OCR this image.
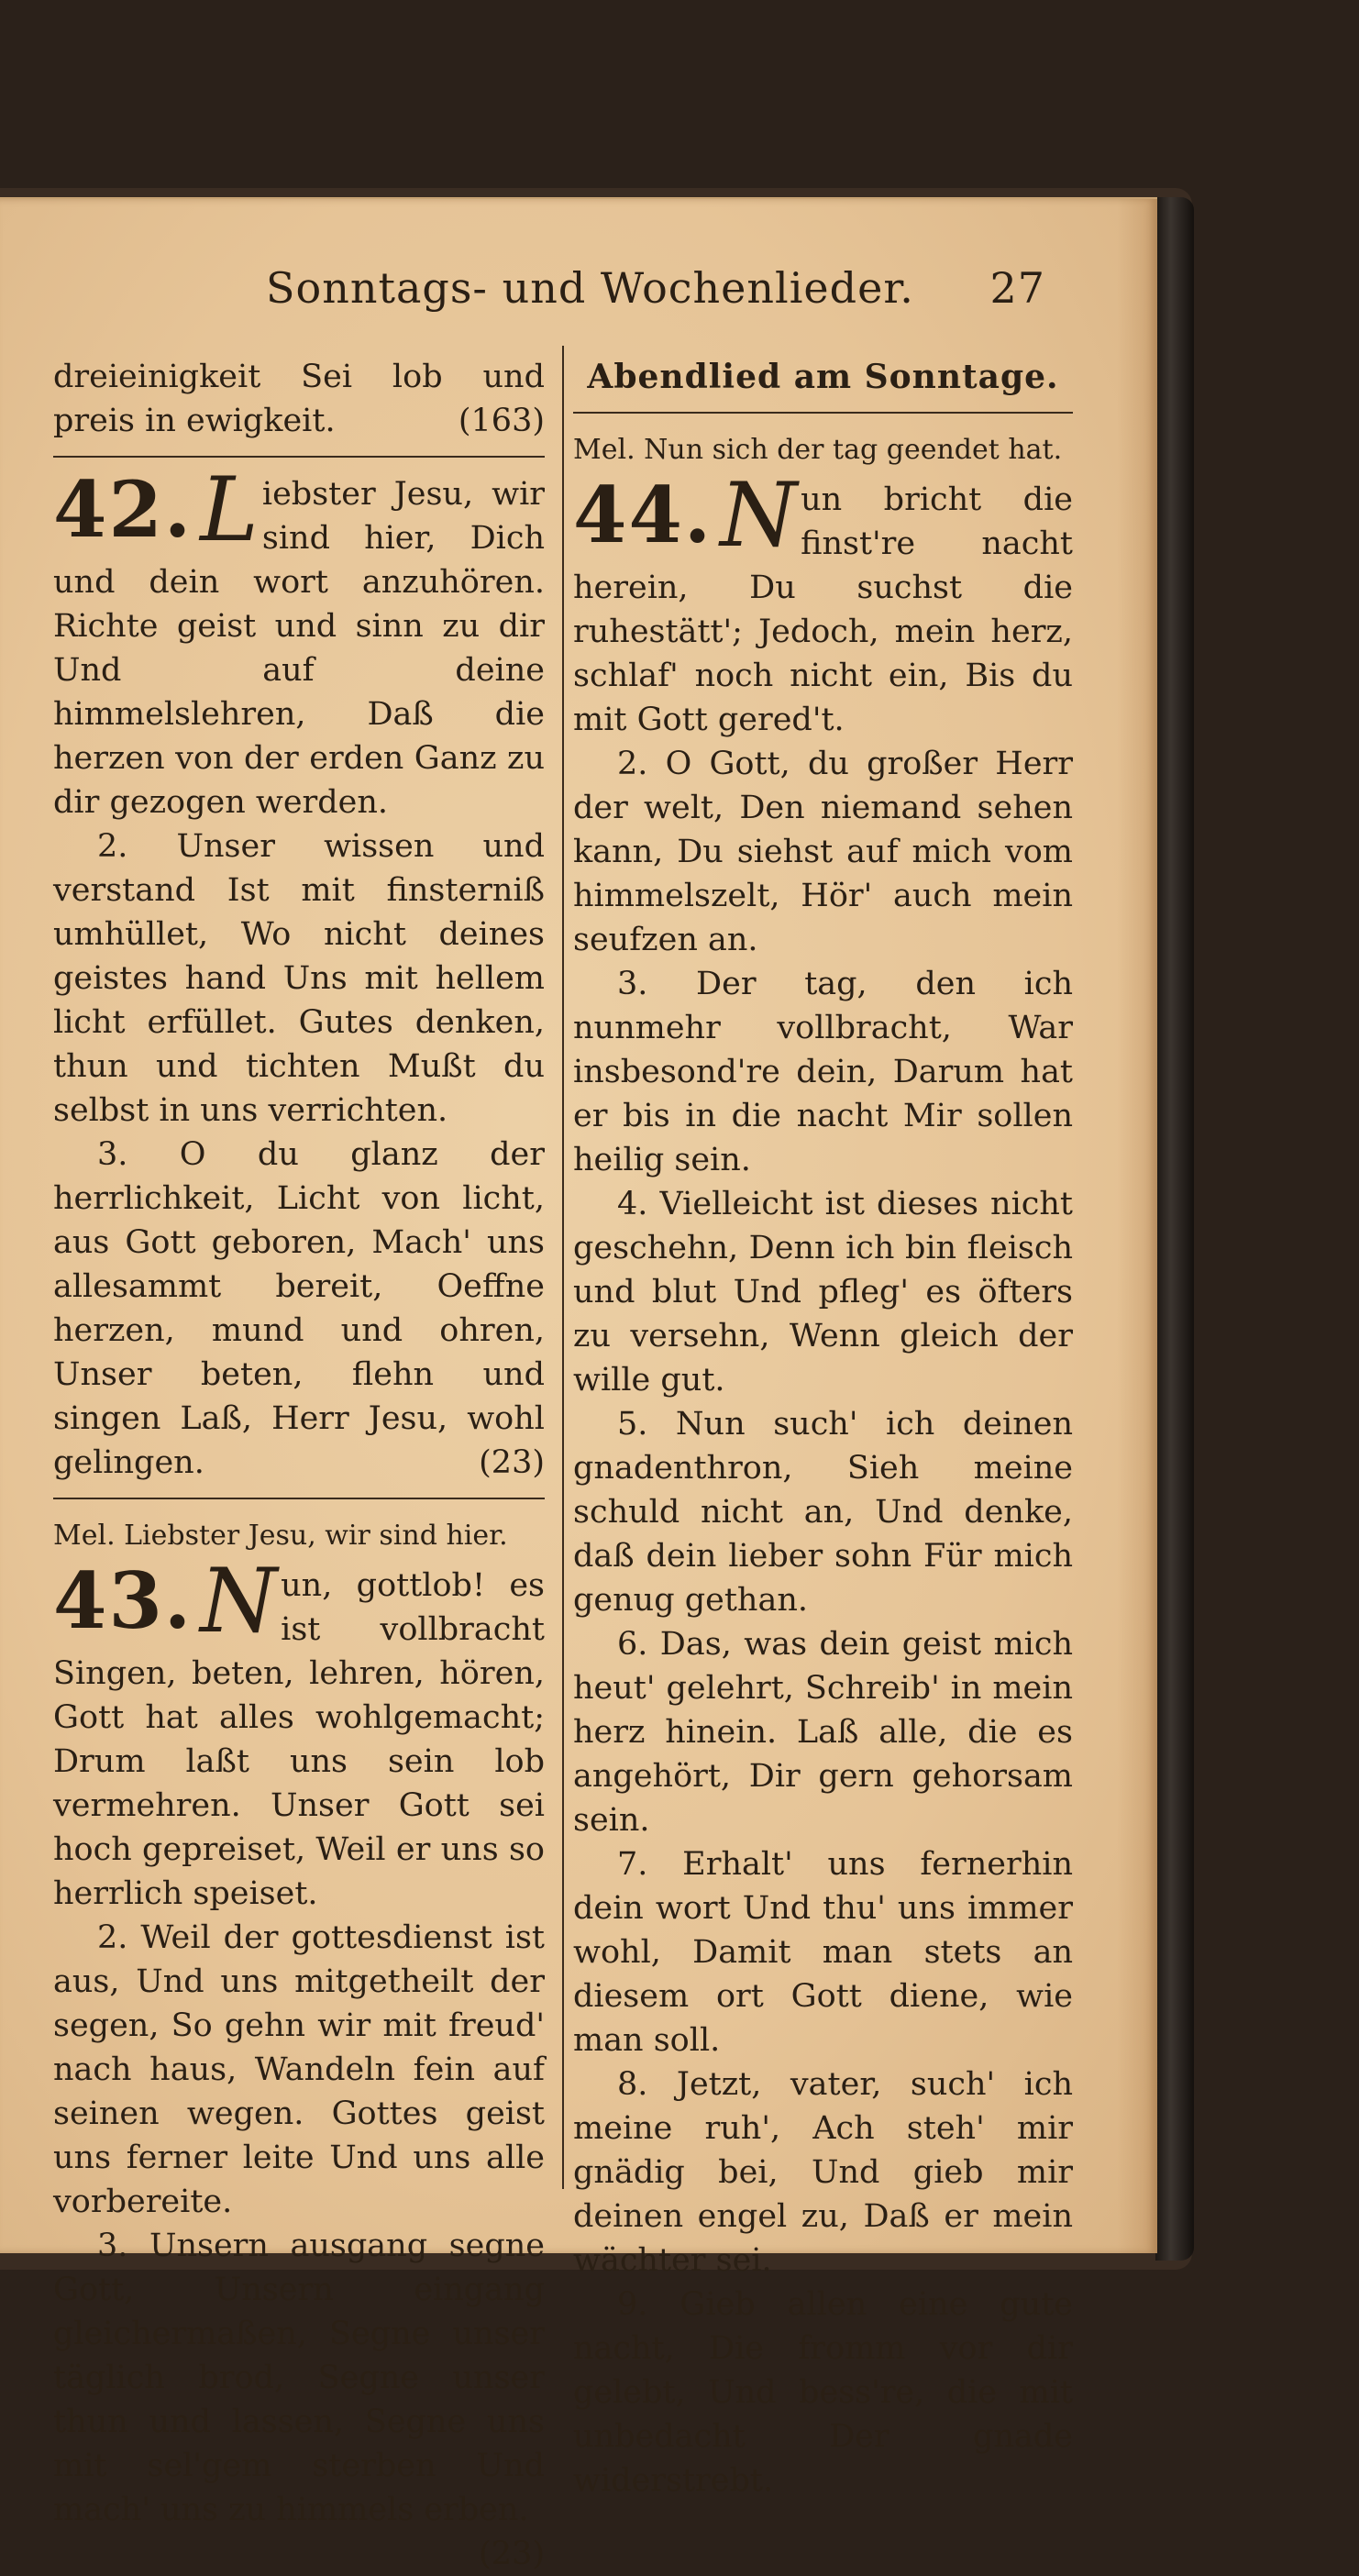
Sonntags- und Wochenlieder. 27

dreieinigkeit Sei lob und preis in ewigkeit.	(163)

42. L iebster Jesu, wir sind hier, Dich und dein wort anzuhören. Richte geist und sinn zu dir Und auf deine himmelslehren, Daß die herzen von der erden Ganz zu dir gezogen werden.

2. Unser wissen und verstand Ist mit finsterniß umhüllet, Wo nicht deines geistes hand Uns mit hellem licht erfüllet. Gutes denken, thun und tichten Mußt du selbst in uns verrichten.

3. O du glanz der herrlichkeit, Licht von licht, aus Gott geboren, Mach' uns allesammt bereit, Oeffne herzen, mund und ohren, Unser beten, flehn und singen Laß, Herr Jesu, wohl gelingen.	(23)

Mel. Liebster Jesu, wir sind hier.

43. N un, gottlob! es ist vollbracht Singen, beten, lehren, hören, Gott hat alles wohlgemacht; Drum laßt uns sein lob vermehren. Unser Gott sei hoch gepreiset, Weil er uns so herrlich speiset.

2. Weil der gottesdienst ist aus, Und uns mitgetheilt der segen, So gehn wir mit freud' nach haus, Wandeln fein auf seinen wegen. Gottes geist uns ferner leite Und uns alle vorbereite.

3. Unsern ausgang segne Gott, Unsern eingang gleichermaßen, Segne unser täglich brod, Segne unser thun und lassen, Segne uns mit sel'gem sterben Und mach' uns zu himmels erben.
(23)

Abendlied am Sonntage.

Mel. Nun sich der tag geendet hat.

44. N un bricht die finst're nacht herein, Du suchst die ruhestätt'; Jedoch, mein herz, schlaf' noch nicht ein, Bis du mit Gott gered't.

2. O Gott, du großer Herr der welt, Den niemand sehen kann, Du siehst auf mich vom himmelszelt, Hör' auch mein seufzen an.

3. Der tag, den ich nunmehr vollbracht, War insbesond're dein, Darum hat er bis in die nacht Mir sollen heilig sein.

4. Vielleicht ist dieses nicht geschehn, Denn ich bin fleisch und blut Und pfleg' es öfters zu versehn, Wenn gleich der wille gut.

5. Nun such' ich deinen gnadenthron, Sieh meine schuld nicht an, Und denke, daß dein lieber sohn Für mich genug gethan.

6. Das, was dein geist mich heut' gelehrt, Schreib' in mein herz hinein. Laß alle, die es angehört, Dir gern gehorsam sein.

7. Erhalt' uns fernerhin dein wort Und thu' uns immer wohl, Damit man stets an diesem ort Gott diene, wie man soll.

8. Jetzt, vater, such' ich meine ruh', Ach steh' mir gnädig bei, Und gieb mir deinen engel zu, Daß er mein wächter sei.

9. Gieb allen eine gute nacht, Die fromm vor dir gelebt, Und bess're, die mit unbedacht Der gnade widerstrebt.
